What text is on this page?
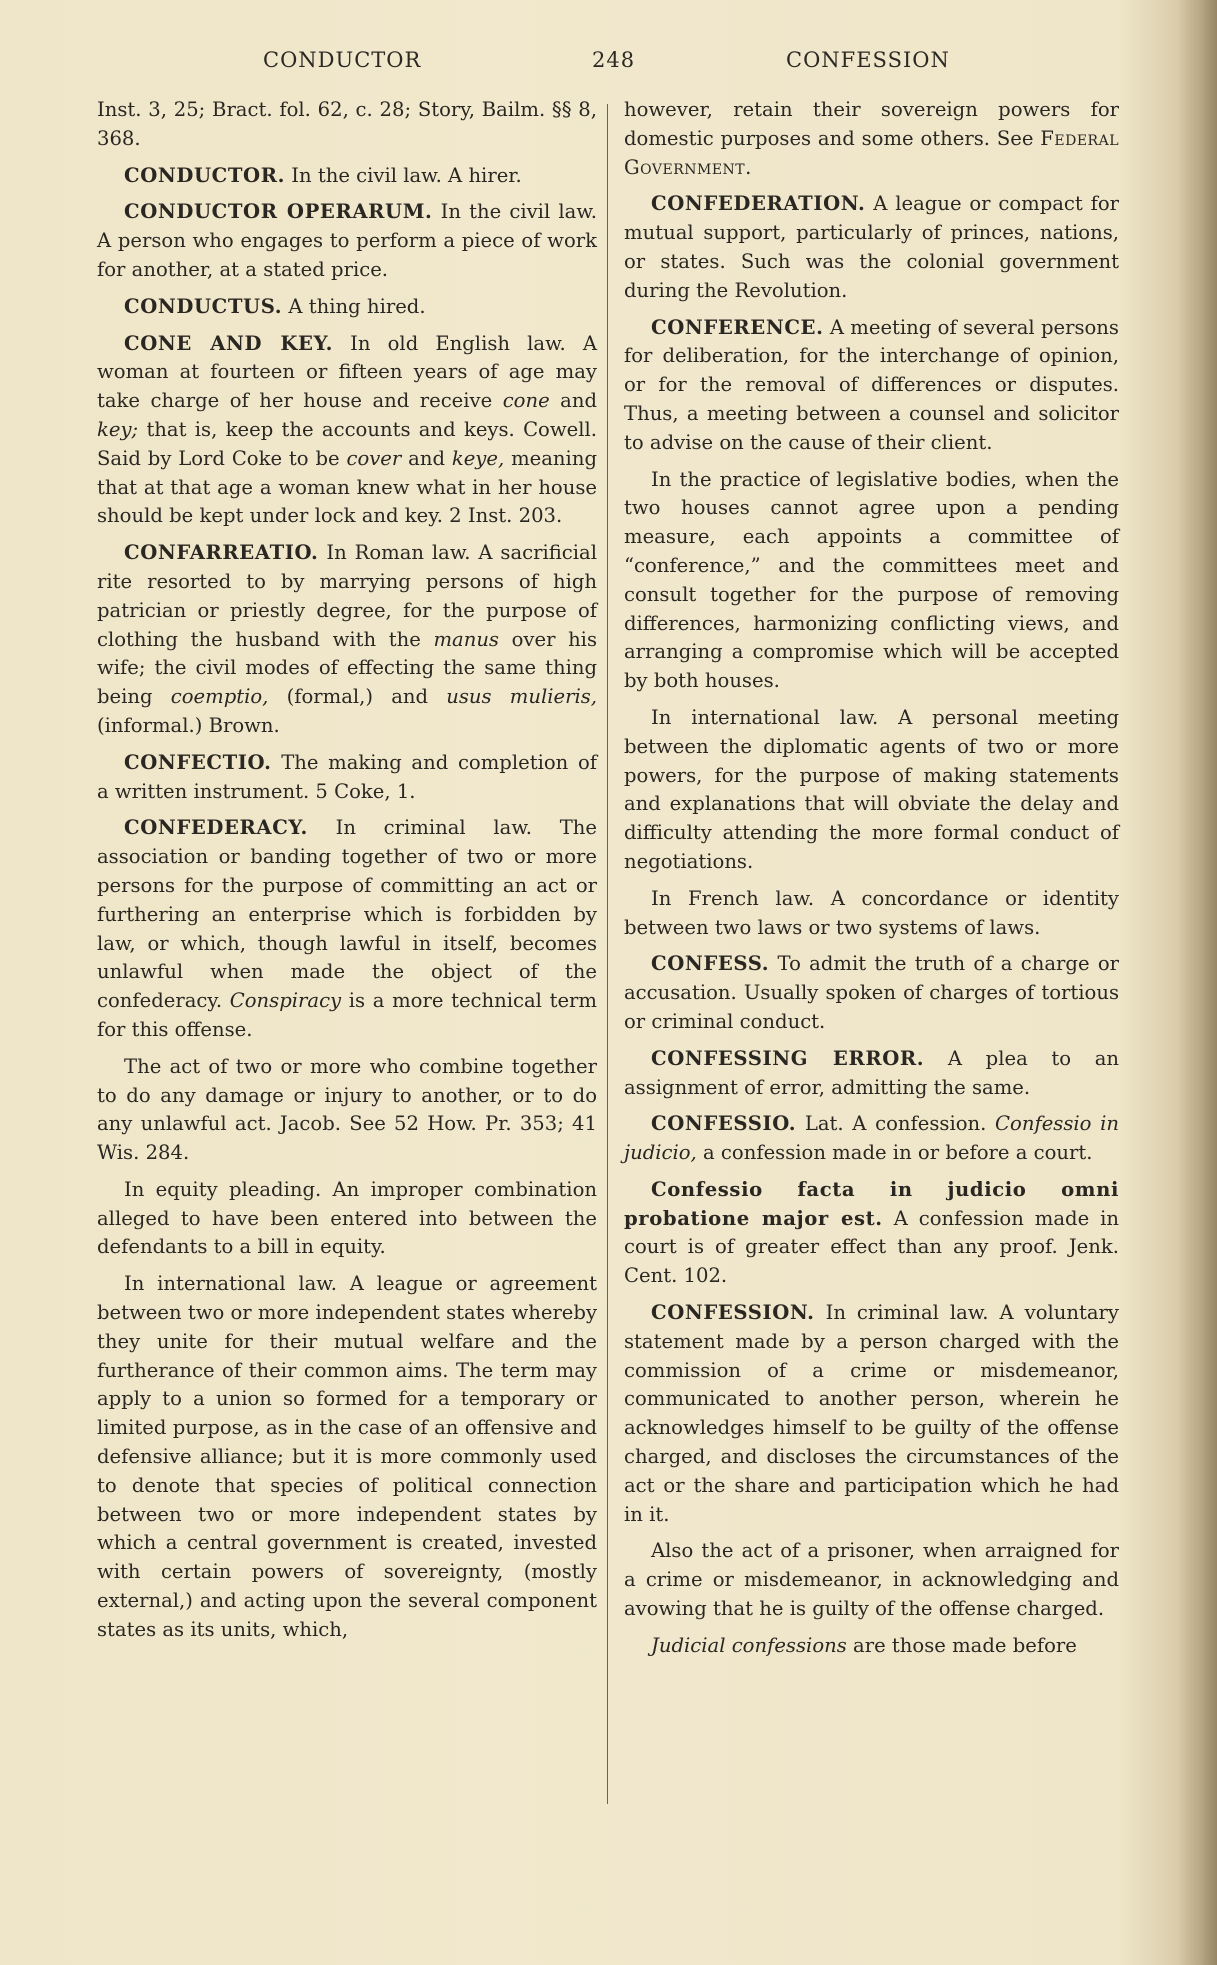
CONDUCTOR	248	CONFESSION

Inst. 3, 25; Bract. fol. 62, c. 28; Story, Bailm. §§ 8, 368.

CONDUCTOR. In the civil law. A hirer.

CONDUCTOR OPERARUM. In the civil law. A person who engages to perform a piece of work for another, at a stated price.

CONDUCTUS. A thing hired.

CONE AND KEY. In old English law. A woman at fourteen or fifteen years of age may take charge of her house and receive cone and key; that is, keep the accounts and keys. Cowell. Said by Lord Coke to be cover and keye, meaning that at that age a woman knew what in her house should be kept under lock and key. 2 Inst. 203.

CONFARREATIO. In Roman law. A sacrificial rite resorted to by marrying persons of high patrician or priestly degree, for the purpose of clothing the husband with the manus over his wife; the civil modes of effecting the same thing being coemptio, (formal,) and usus mulieris, (informal.) Brown.

CONFECTIO. The making and completion of a written instrument. 5 Coke, 1.

CONFEDERACY. In criminal law. The association or banding together of two or more persons for the purpose of committing an act or furthering an enterprise which is forbidden by law, or which, though lawful in itself, becomes unlawful when made the object of the confederacy. Conspiracy is a more technical term for this offense.

The act of two or more who combine together to do any damage or injury to another, or to do any unlawful act. Jacob. See 52 How. Pr. 353; 41 Wis. 284.

In equity pleading. An improper combination alleged to have been entered into between the defendants to a bill in equity.

In international law. A league or agreement between two or more independent states whereby they unite for their mutual welfare and the furtherance of their common aims. The term may apply to a union so formed for a temporary or limited purpose, as in the case of an offensive and defensive alliance; but it is more commonly used to denote that species of political connection between two or more independent states by which a central government is created, invested with certain powers of sovereignty, (mostly external,) and acting upon the several component states as its units, which,

however, retain their sovereign powers for domestic purposes and some others. See Federal Government.

CONFEDERATION. A league or compact for mutual support, particularly of princes, nations, or states. Such was the colonial government during the Revolution.

CONFERENCE. A meeting of several persons for deliberation, for the interchange of opinion, or for the removal of differences or disputes. Thus, a meeting between a counsel and solicitor to advise on the cause of their client.

In the practice of legislative bodies, when the two houses cannot agree upon a pending measure, each appoints a committee of “conference,” and the committees meet and consult together for the purpose of removing differences, harmonizing conflicting views, and arranging a compromise which will be accepted by both houses.

In international law. A personal meeting between the diplomatic agents of two or more powers, for the purpose of making statements and explanations that will obviate the delay and difficulty attending the more formal conduct of negotiations.

In French law. A concordance or identity between two laws or two systems of laws.

CONFESS. To admit the truth of a charge or accusation. Usually spoken of charges of tortious or criminal conduct.

CONFESSING ERROR. A plea to an assignment of error, admitting the same.

CONFESSIO. Lat. A confession. Confessio in judicio, a confession made in or before a court.

Confessio facta in judicio omni probatione major est. A confession made in court is of greater effect than any proof. Jenk. Cent. 102.

CONFESSION. In criminal law. A voluntary statement made by a person charged with the commission of a crime or misdemeanor, communicated to another person, wherein he acknowledges himself to be guilty of the offense charged, and discloses the circumstances of the act or the share and participation which he had in it.

Also the act of a prisoner, when arraigned for a crime or misdemeanor, in acknowledging and avowing that he is guilty of the offense charged.

Judicial confessions are those made before
